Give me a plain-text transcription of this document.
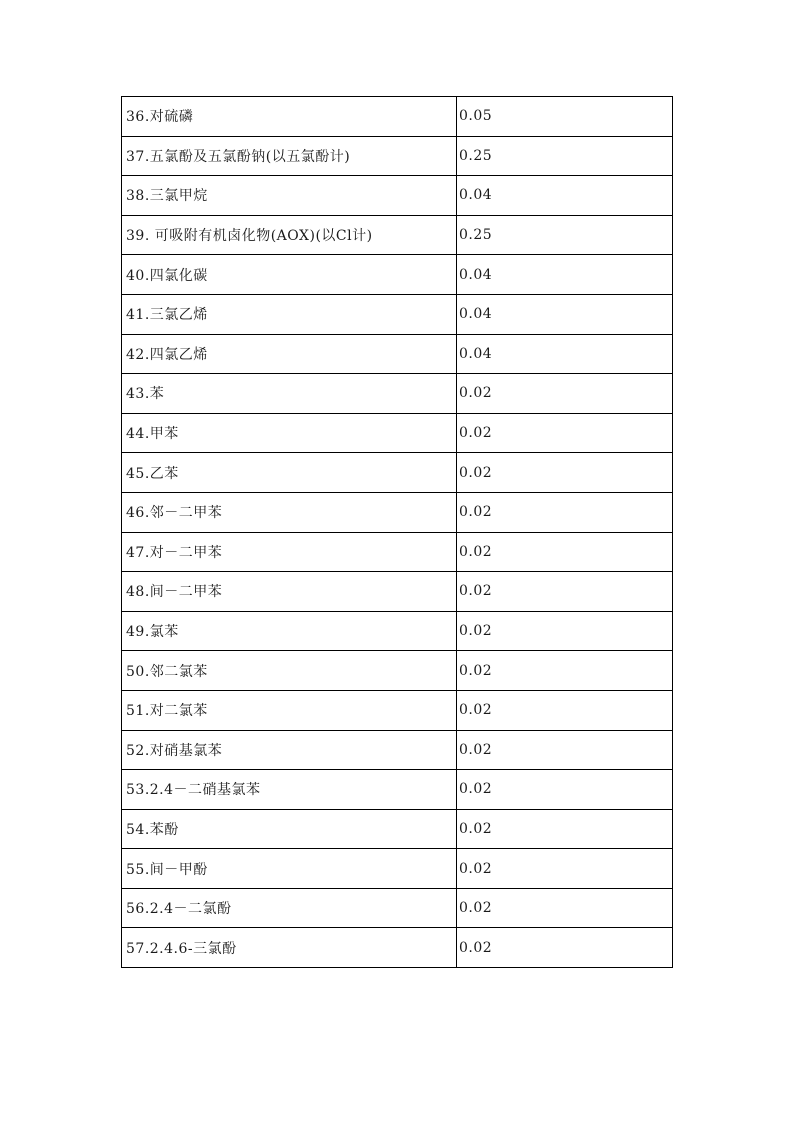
36.对硫磷	0.05
37.五氯酚及五氯酚钠(以五氯酚计)	0.25
38.三氯甲烷	0.04
39. 可吸附有机卤化物(AOX)(以Cl计)	0.25
40.四氯化碳	0.04
41.三氯乙烯	0.04
42.四氯乙烯	0.04
43.苯	0.02
44.甲苯	0.02
45.乙苯	0.02
46.邻－二甲苯	0.02
47.对－二甲苯	0.02
48.间－二甲苯	0.02
49.氯苯	0.02
50.邻二氯苯	0.02
51.对二氯苯	0.02
52.对硝基氯苯	0.02
53.2.4－二硝基氯苯	0.02
54.苯酚	0.02
55.间－甲酚	0.02
56.2.4－二氯酚	0.02
57.2.4.6-三氯酚	0.02
